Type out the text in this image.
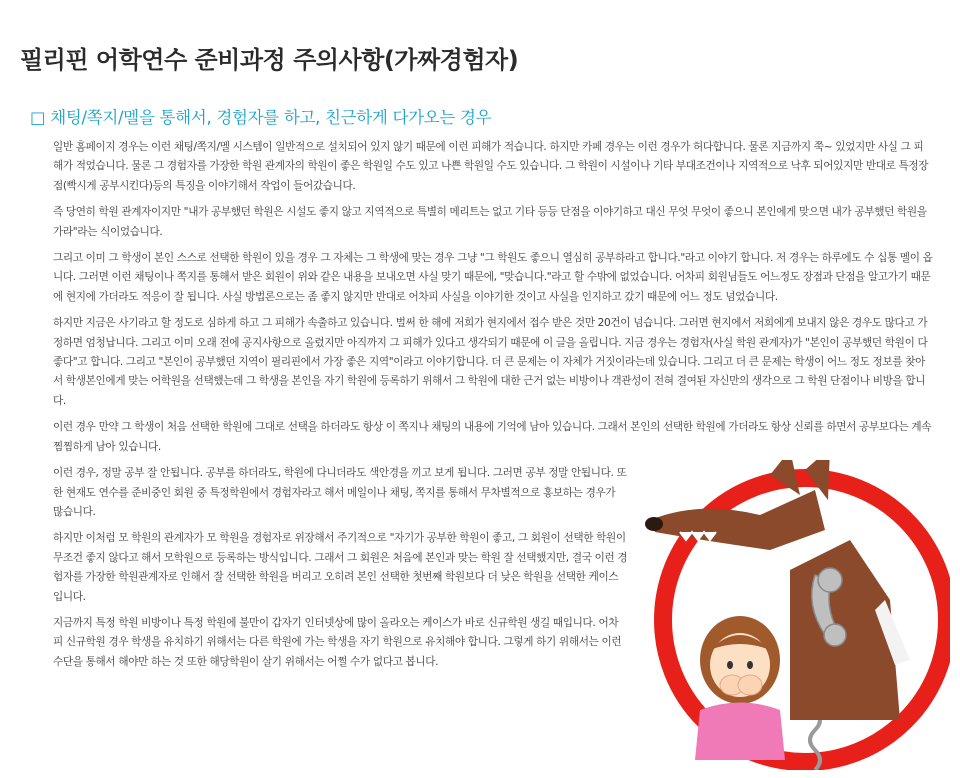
필리핀 어학연수 준비과정 주의사항(가짜경험자)
□ 채팅/쪽지/멜을 통해서, 경험자를 하고, 친근하게 다가오는 경우

일반 홈페이지 경우는 이런 채팅/쪽지/멜 시스템이 일반적으로 설치되어 있지 않기 때문에 이런 피해가 적습니다. 하지만 카페 경우는 이런 경우가 허다합니다. 물론 지금까지 쭉~ 있었지만 사실 그 피해가 적었습니다. 물론 그 경험자를 가장한 학원 관계자의 학원이 좋은 학원일 수도 있고 나쁜 학원일 수도 있습니다. 그 학원이 시설이나 기타 부대조건이나 지역적으로 낙후 되어있지만 반대로 특정장점(빡시게 공부시킨다)등의 특징을 이야기해서 작업이 들어갔습니다.

즉 당연히 학원 관계자이지만 "내가 공부했던 학원은 시설도 좋지 않고 지역적으로 특별히 메리트는 없고 기타 등등 단점을 이야기하고 대신 무엇 무엇이 좋으니 본인에게 맞으면 내가 공부했던 학원을 가라"라는 식이었습니다.

그리고 이미 그 학생이 본인 스스로 선택한 학원이 있을 경우 그 자체는 그 학생에 맞는 경우 그냥 "그 학원도 좋으니 열심히 공부하라고 합니다."라고 이야기 합니다. 저 경우는 하루에도 수 십통 멜이 옵니다. 그러면 이런 채팅이나 쪽지를 통해서 받은 회원이 위와 같은 내용을 보내오면 사실 맞기 때문에, "맞습니다."라고 할 수밖에 없었습니다. 어차피 회원님들도 어느정도 장점과 단점을 알고가기 때문에 현지에 가더라도 적응이 잘 됩니다. 사실 방법론으로는 좀 좋지 않지만 반대로 어차피 사실을 이야기한 것이고 사실을 인지하고 갔기 때문에 어느 정도 넘었습니다.

하지만 지금은 사기라고 할 정도로 심하게 하고 그 피해가 속출하고 있습니다. 벌써 한 해에 저희가 현지에서 접수 받은 것만 20건이 넘습니다. 그러면 현지에서 저희에게 보내지 않은 경우도 많다고 가정하면 엄청납니다. 그리고 이미 오래 전에 공지사항으로 올렸지만 아직까지 그 피해가 있다고 생각되기 때문에 이 글을 올립니다. 지금 경우는 경험자(사실 학원 관계자)가 "본인이 공부했던 학원이 다 좋다"고 합니다. 그리고 "본인이 공부했던 지역이 필리핀에서 가장 좋은 지역"이라고 이야기합니다. 더 큰 문제는 이 자체가 거짓이라는데 있습니다. 그리고 더 큰 문제는 학생이 어느 정도 정보를 찾아서 학생본인에게 맞는 어학원을 선택했는데 그 학생을 본인을 자기 학원에 등록하기 위해서 그 학원에 대한 근거 없는 비방이나 객관성이 전혀 결여된 자신만의 생각으로 그 학원 단점이나 비방을 합니다.

이런 경우 만약 그 학생이 처음 선택한 학원에 그대로 선택을 하더라도 항상 이 쪽지나 채팅의 내용에 기억에 남아 있습니다. 그래서 본인의 선택한 학원에 가더라도 항상 신뢰를 하면서 공부보다는 계속 찜찜하게 남아 있습니다.

이런 경우, 정말 공부 잘 안됩니다. 공부를 하더라도, 학원에 다니더라도 색안경을 끼고 보게 됩니다. 그러면 공부 정말 안됩니다. 또한 현재도 연수를 준비중인 회원 중 특정학원에서 경험자라고 해서 메일이나 채팅, 쪽지를 통해서 무차별적으로 홍보하는 경우가 많습니다.

하지만 이처럼 모 학원의 관계자가 모 학원을 경험자로 위장해서 주기적으로 "자기가 공부한 학원이 좋고, 그 회원이 선택한 학원이 무조건 좋지 않다고 해서 모학원으로 등록하는 방식입니다. 그래서 그 회원은 처음에 본인과 맞는 학원 잘 선택했지만, 결국 이런 경험자를 가장한 학원관계자로 인해서 잘 선택한 학원을 버리고 오히려 본인 선택한 첫번째 학원보다 더 낮은 학원을 선택한 케이스입니다.

지금까지 특정 학원 비방이나 특정 학원에 불만이 갑자기 인터넷상에 많이 올라오는 케이스가 바로 신규학원 생길 때입니다. 어차피 신규학원 경우 학생을 유치하기 위해서는 다른 학원에 가는 학생을 자기 학원으로 유치해야 합니다. 그렇게 하기 위해서는 이런 수단을 통해서 해야만 하는 것 또한 해당학원이 살기 위해서는 어쩔 수가 없다고 봅니다.
